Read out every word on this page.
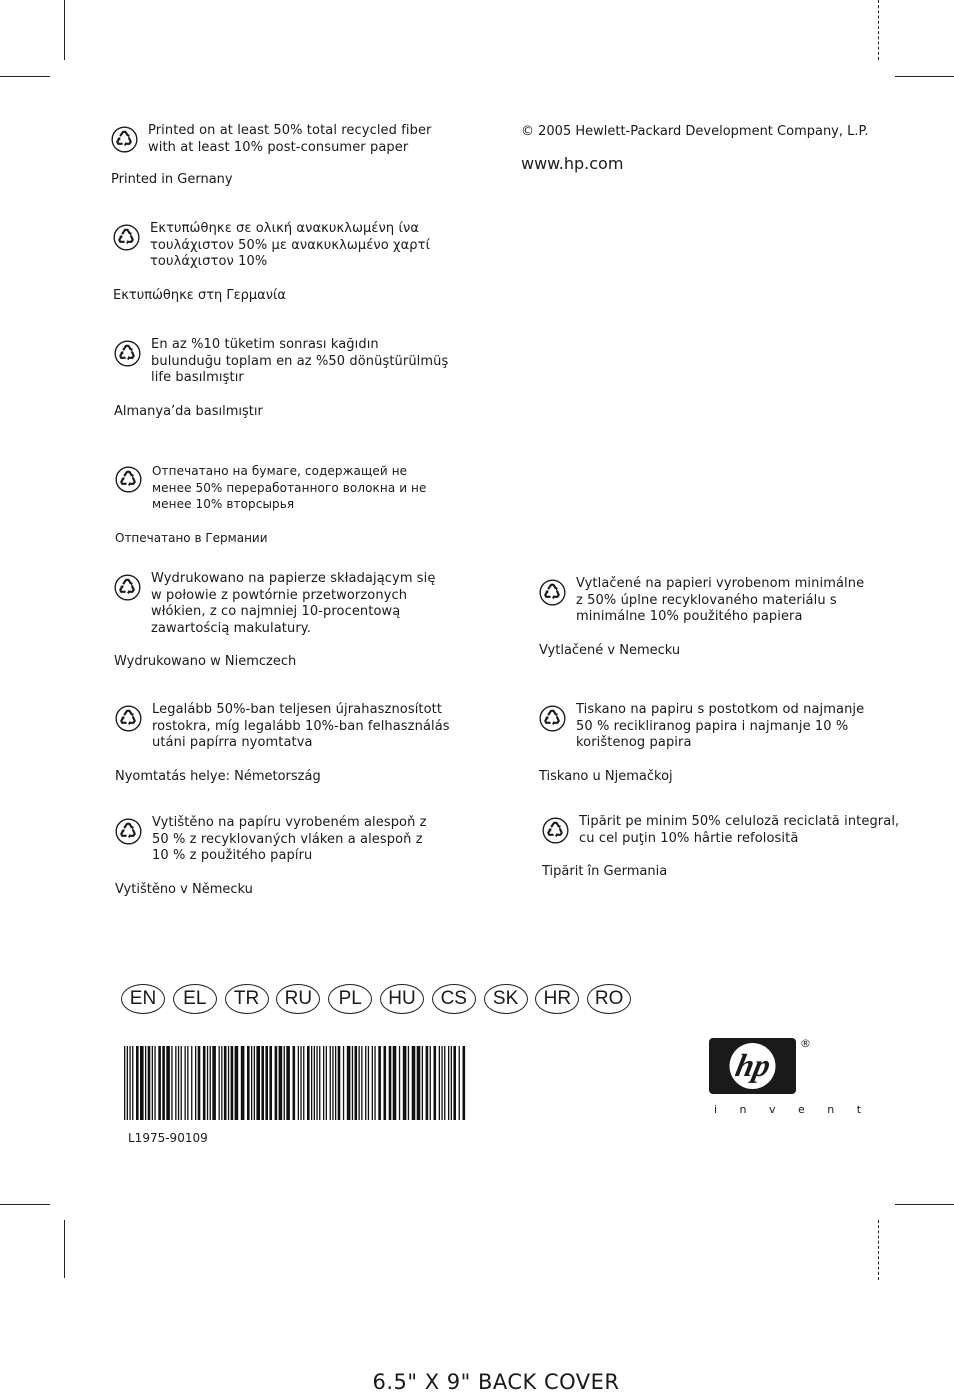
© 2005 Hewlett-Packard Development Company, L.P.
www.hp.com
Printed on at least 50% total recycled fiber
with at least 10% post-consumer paper
Printed in Gernany
Εκτυπώθηκε σε ολική ανακυκλωμένη ίνα
τουλάχιστον 50% με ανακυκλωμένο χαρτί
τουλάχιστον 10%
Εκτυπώθηκε στη Γερμανία
En az %10 tüketim sonrası kağıdın
bulunduğu toplam en az %50 dönüştürülmüş
life basılmıştır
Almanya’da basılmıştır
Отпечатано на бумаге, содержащей не
менее 50% переработанного волокна и не
менее 10% вторсырья
Отпечатано в Германии
Wydrukowano na papierze składającym się
w połowie z powtórnie przetworzonych
włókien, z co najmniej 10-procentową
zawartością makulatury.
Wydrukowano w Niemczech
Legalább 50%-ban teljesen újrahasznosított
rostokra, míg legalább 10%-ban felhasználás
utáni papírra nyomtatva
Nyomtatás helye: Németország
Vytištěno na papíru vyrobeném alespoň z
50 % z recyklovaných vláken a alespoň z
10 % z použitého papíru
Vytištěno v Německu
Vytlačené na papieri vyrobenom minimálne
z 50% úplne recyklovaného materiálu s
minimálne 10% použitého papiera
Vytlačené v Nemecku
Tiskano na papiru s postotkom od najmanje
50 % recikliranog papira i najmanje 10 %
korištenog papira
Tiskano u Njemačkoj
Tipărit pe minim 50% celuloză reciclată integral,
cu cel puţin 10% hârtie refolosită
Tipărit în Germania
EN	EL	TR	RU	PL	HU	CS	SK	HR	RO
L1975-90109
hp
®
i n v e n t
6.5" X 9" BACK COVER
